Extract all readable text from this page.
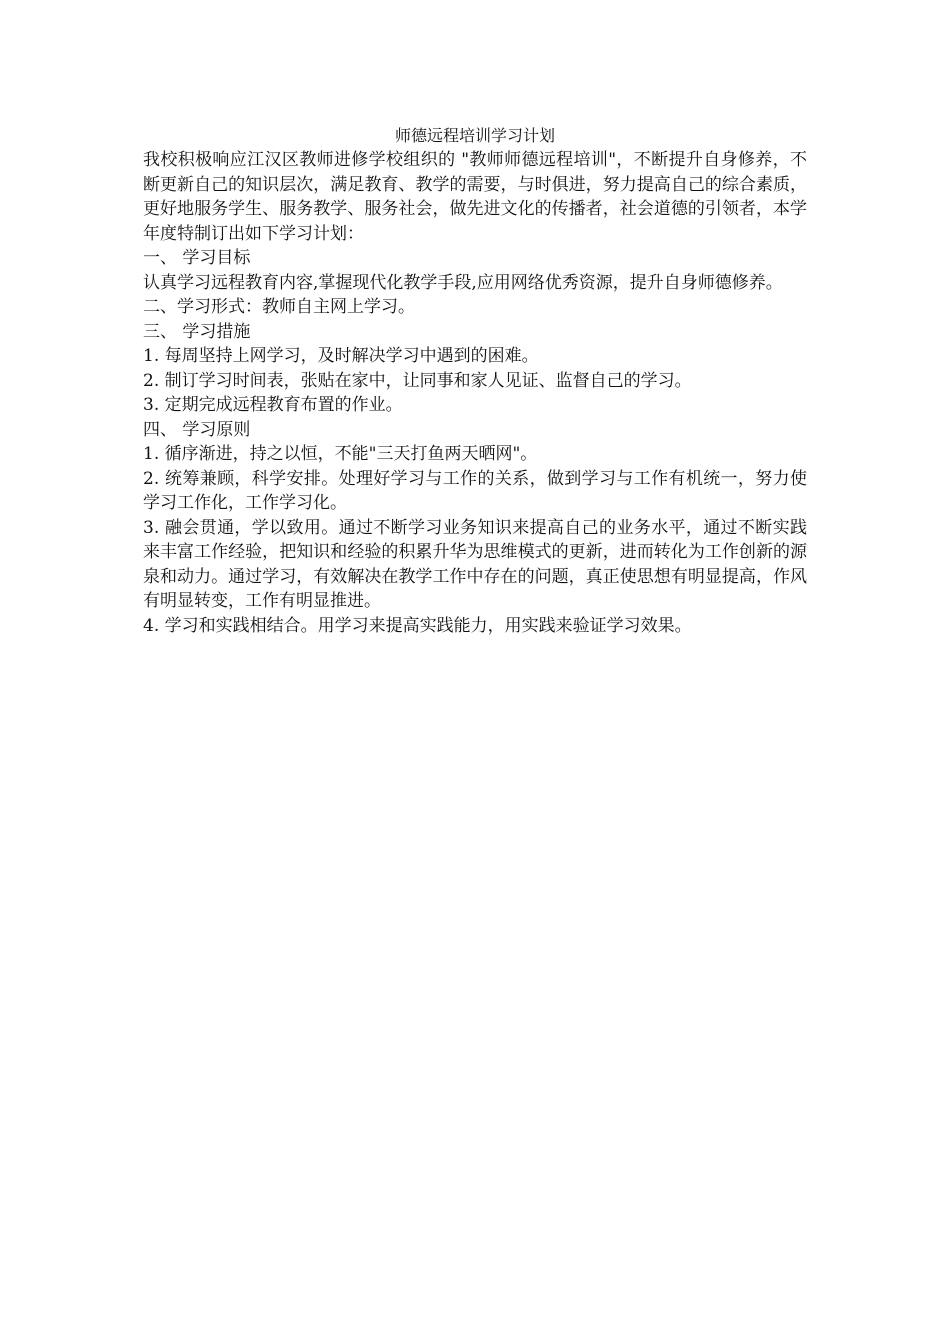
师德远程培训学习计划

我校积极响应江汉区教师进修学校组织的 "教师师德远程培训"，不断提升自身修养，不断更新自己的知识层次，满足教育、教学的需要，与时俱进，努力提高自己的综合素质，更好地服务学生、服务教学、服务社会，做先进文化的传播者，社会道德的引领者，本学年度特制订出如下学习计划：

一、 学习目标

认真学习远程教育内容,掌握现代化教学手段,应用网络优秀资源，提升自身师德修养。

二、学习形式：教师自主网上学习。

三、 学习措施

1. 每周坚持上网学习，及时解决学习中遇到的困难。

2. 制订学习时间表，张贴在家中，让同事和家人见证、监督自己的学习。

3. 定期完成远程教育布置的作业。

四、 学习原则

1. 循序渐进，持之以恒，不能"三天打鱼两天晒网"。

2. 统筹兼顾，科学安排。处理好学习与工作的关系，做到学习与工作有机统一，努力使学习工作化，工作学习化。

3. 融会贯通，学以致用。通过不断学习业务知识来提高自己的业务水平，通过不断实践来丰富工作经验，把知识和经验的积累升华为思维模式的更新，进而转化为工作创新的源泉和动力。通过学习，有效解决在教学工作中存在的问题，真正使思想有明显提高，作风有明显转变，工作有明显推进。

4. 学习和实践相结合。用学习来提高实践能力，用实践来验证学习效果。
